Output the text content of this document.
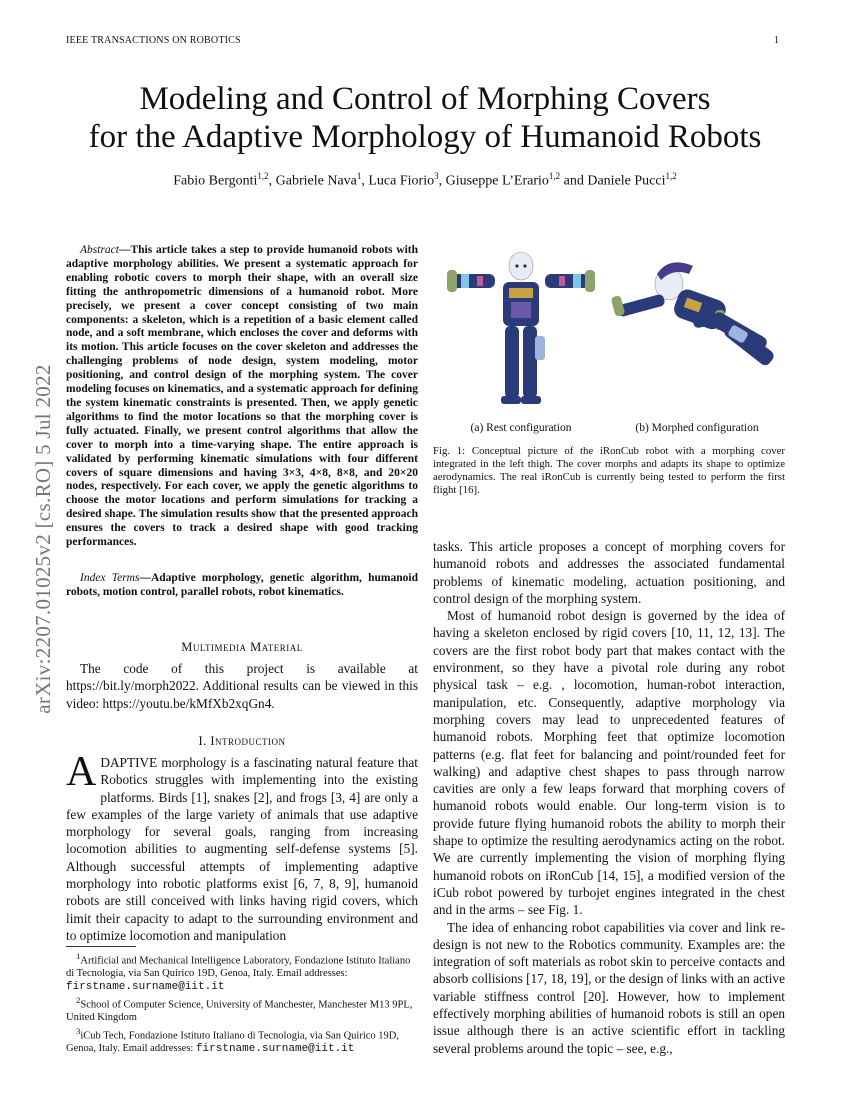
IEEE TRANSACTIONS ON ROBOTICS	1
Modeling and Control of Morphing Covers
for the Adaptive Morphology of Humanoid Robots
Fabio Bergonti$^{1,2}$, Gabriele Nava$^1$, Luca Fiorio$^3$, Giuseppe L’Erario$^{1,2}$ and Daniele Pucci$^{1,2}$
arXiv:2207.01025v2 [cs.RO] 5 Jul 2022
Abstract—This article takes a step to provide humanoid robots with adaptive morphology abilities. We present a systematic approach for enabling robotic covers to morph their shape, with an overall size fitting the anthropometric dimensions of a humanoid robot. More precisely, we present a cover concept consisting of two main components: a skeleton, which is a repetition of a basic element called node, and a soft membrane, which encloses the cover and deforms with its motion. This article focuses on the cover skeleton and addresses the challenging problems of node design, system modeling, motor positioning, and control design of the morphing system. The cover modeling focuses on kinematics, and a systematic approach for defining the system kinematic constraints is presented. Then, we apply genetic algorithms to find the motor locations so that the morphing cover is fully actuated. Finally, we present control algorithms that allow the cover to morph into a time-varying shape. The entire approach is validated by performing kinematic simulations with four different covers of square dimensions and having 3×3, 4×8, 8×8, and 20×20 nodes, respectively. For each cover, we apply the genetic algorithms to choose the motor locations and perform simulations for tracking a desired shape. The simulation results show that the presented approach ensures the covers to track a desired shape with good tracking performances.
Index Terms—Adaptive morphology, genetic algorithm, humanoid robots, motion control, parallel robots, robot kinematics.
Multimedia Material

The code of this project is available at https://bit.ly/morph2022. Additional results can be viewed in this video: https://youtu.be/kMfXb2xqGn4.

I. Introduction
ADAPTIVE morphology is a fascinating natural feature that Robotics struggles with implementing into the existing platforms. Birds [1], snakes [2], and frogs [3, 4] are only a few examples of the large variety of animals that use adaptive morphology for several goals, ranging from increasing locomotion abilities to augmenting self-defense systems [5]. Although successful attempts of implementing adaptive morphology into robotic platforms exist [6, 7, 8, 9], humanoid robots are still conceived with links having rigid covers, which limit their capacity to adapt to the surrounding environment and to optimize locomotion and manipulation

$^1$Artificial and Mechanical Intelligence Laboratory, Fondazione Istituto Italiano di Tecnologia, via San Quirico 19D, Genoa, Italy. Email addresses: firstname.surname@iit.it

$^2$School of Computer Science, University of Manchester, Manchester M13 9PL, United Kingdom

$^3$iCub Tech, Fondazione Istituto Italiano di Tecnologia, via San Quirico 19D, Genoa, Italy. Email addresses: firstname.surname@iit.it

(a) Rest configuration	(b) Morphed configuration
Fig. 1: Conceptual picture of the iRonCub robot with a morphing cover integrated in the left thigh. The cover morphs and adapts its shape to optimize aerodynamics. The real iRonCub is currently being tested to perform the first flight [16].

tasks. This article proposes a concept of morphing covers for humanoid robots and addresses the associated fundamental problems of kinematic modeling, actuation positioning, and control design of the morphing system.

Most of humanoid robot design is governed by the idea of having a skeleton enclosed by rigid covers [10, 11, 12, 13]. The covers are the first robot body part that makes contact with the environment, so they have a pivotal role during any robot physical task – e.g. , locomotion, human-robot interaction, manipulation, etc. Consequently, adaptive morphology via morphing covers may lead to unprecedented features of humanoid robots. Morphing feet that optimize locomotion patterns (e.g. flat feet for balancing and point/rounded feet for walking) and adaptive chest shapes to pass through narrow cavities are only a few leaps forward that morphing covers of humanoid robots would enable. Our long-term vision is to provide future flying humanoid robots the ability to morph their shape to optimize the resulting aerodynamics acting on the robot. We are currently implementing the vision of morphing flying humanoid robots on iRonCub [14, 15], a modified version of the iCub robot powered by turbojet engines integrated in the chest and in the arms – see Fig. 1.

The idea of enhancing robot capabilities via cover and link re-design is not new to the Robotics community. Examples are: the integration of soft materials as robot skin to perceive contacts and absorb collisions [17, 18, 19], or the design of links with an active variable stiffness control [20]. However, how to implement effectively morphing abilities of humanoid robots is still an open issue although there is an active scientific effort in tackling several problems around the topic – see, e.g.,
